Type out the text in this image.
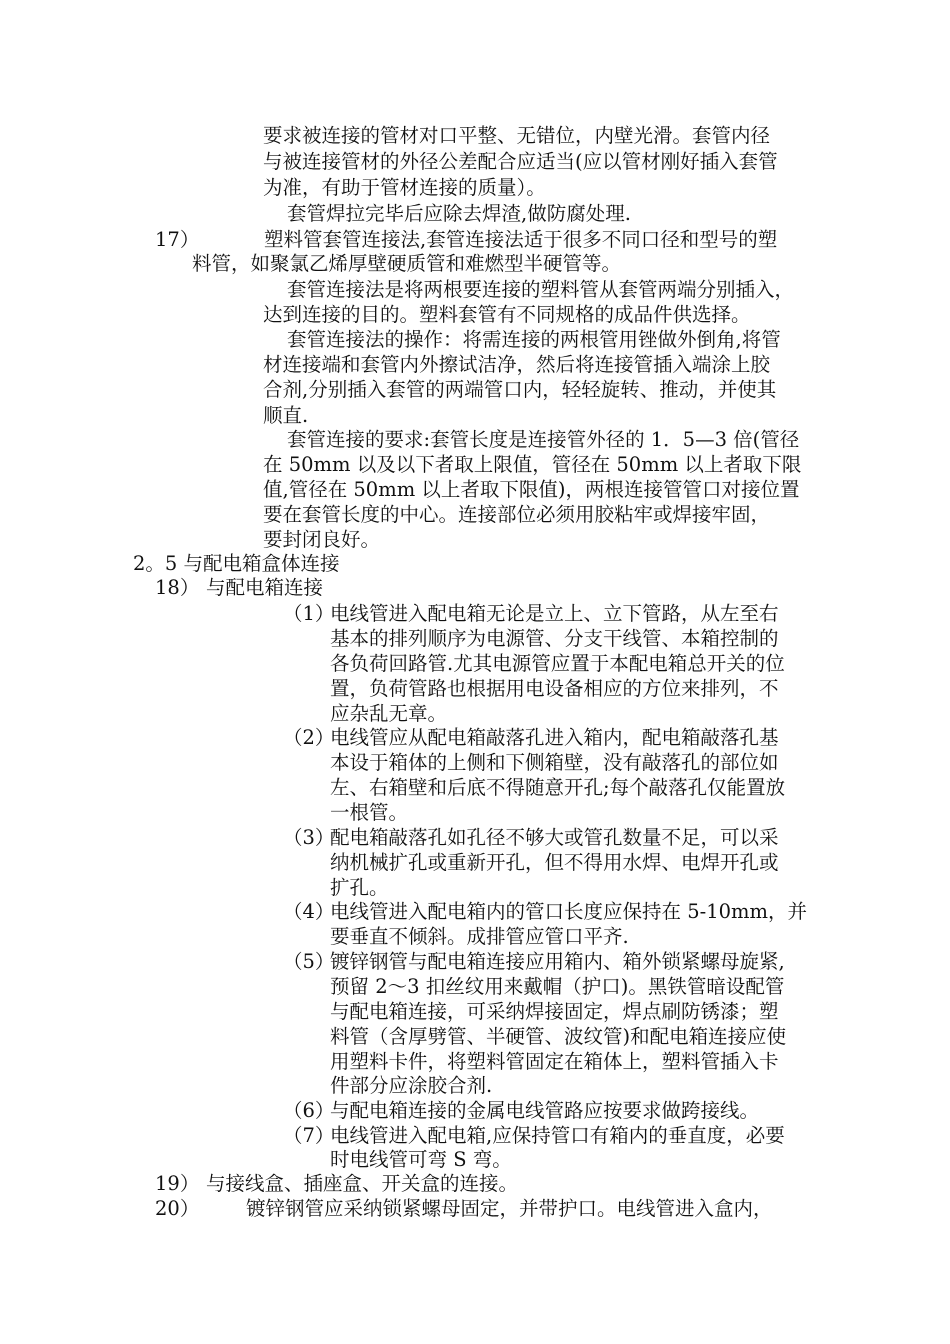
要求被连接的管材对口平整、无错位，内壁光滑。套管内径
与被连接管材的外径公差配合应适当(应以管材刚好插入套管
为准，有助于管材连接的质量）。
套管焊拉完毕后应除去焊渣,做防腐处理.
17）	塑料管套管连接法,套管连接法适于很多不同口径和型号的塑
料管，如聚氯乙烯厚壁硬质管和难燃型半硬管等。
套管连接法是将两根要连接的塑料管从套管两端分别插入，
达到连接的目的。塑料套管有不同规格的成品件供选择。
套管连接法的操作：将需连接的两根管用锉做外倒角,将管
材连接端和套管内外擦试洁净，然后将连接管插入端涂上胶
合剂,分别插入套管的两端管口内，轻轻旋转、推动，并使其
顺直.
套管连接的要求:套管长度是连接管外径的 1．5—3 倍(管径
在 50mm 以及以下者取上限值，管径在 50mm 以上者取下限
值,管径在 50mm 以上者取下限值)，两根连接管管口对接位置
要在套管长度的中心。连接部位必须用胶粘牢或焊接牢固，
要封闭良好。
2。5 与配电箱盒体连接
18） 与配电箱连接
（1）
电线管进入配电箱无论是立上、立下管路，从左至右
基本的排列顺序为电源管、分支干线管、本箱控制的
各负荷回路管.尤其电源管应置于本配电箱总开关的位
置，负荷管路也根据用电设备相应的方位来排列，不
应杂乱无章。
（2）
电线管应从配电箱敲落孔进入箱内，配电箱敲落孔基
本设于箱体的上侧和下侧箱壁，没有敲落孔的部位如
左、右箱壁和后底不得随意开孔;每个敲落孔仅能置放
一根管。
（3）
配电箱敲落孔如孔径不够大或管孔数量不足，可以采
纳机械扩孔或重新开孔，但不得用水焊、电焊开孔或
扩孔。
（4）
电线管进入配电箱内的管口长度应保持在 5-10mm，并
要垂直不倾斜。成排管应管口平齐.
（5）
镀锌钢管与配电箱连接应用箱内、箱外锁紧螺母旋紧,
预留 2～3 扣丝纹用来戴帽（护口)。黑铁管暗设配管
与配电箱连接，可采纳焊接固定，焊点刷防锈漆；塑
料管（含厚劈管、半硬管、波纹管)和配电箱连接应使
用塑料卡件，将塑料管固定在箱体上，塑料管插入卡
件部分应涂胶合剂.
（6）
与配电箱连接的金属电线管路应按要求做跨接线。
（7）
电线管进入配电箱,应保持管口有箱内的垂直度，必要
时电线管可弯 S 弯。
19） 与接线盒、插座盒、开关盒的连接。
20） 镀锌钢管应采纳锁紧螺母固定，并带护口。电线管进入盒内，
